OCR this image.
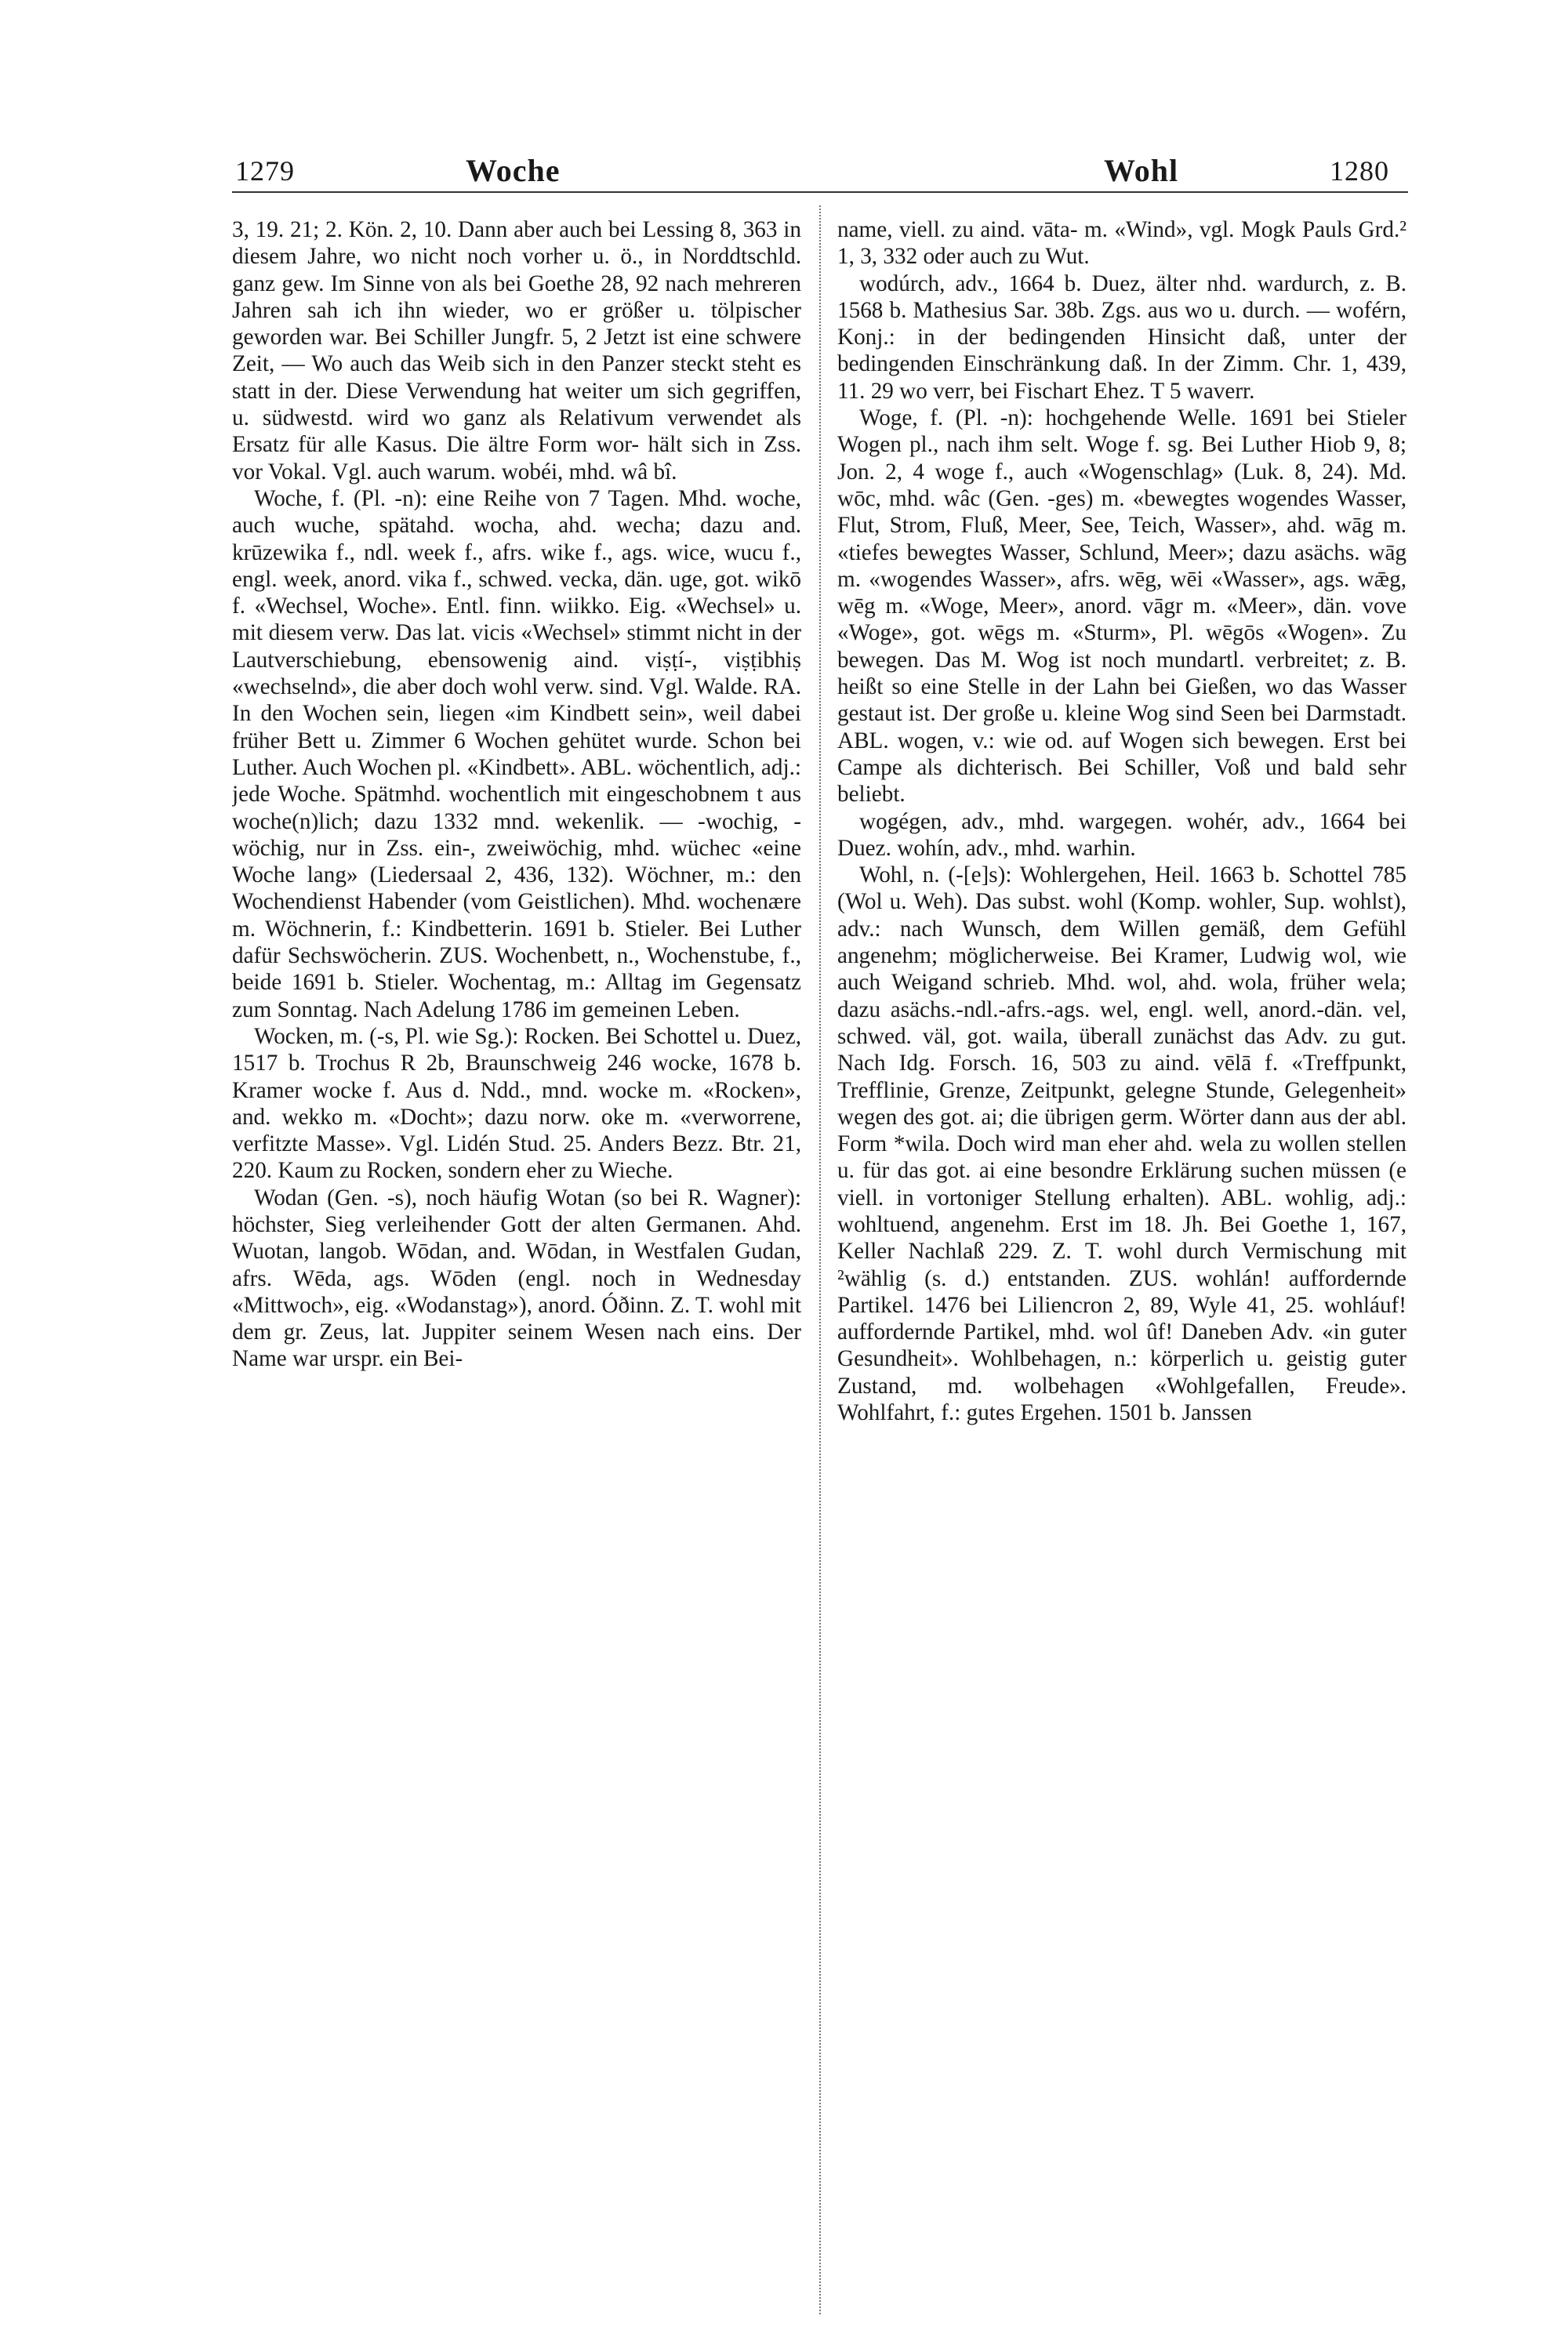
1279	Woche	Wohl	1280

3, 19. 21; 2. Kön. 2, 10. Dann aber auch bei Lessing 8, 363 in diesem Jahre, wo nicht noch vorher u. ö., in Norddtschld. ganz gew. Im Sinne von als bei Goethe 28, 92 nach mehreren Jahren sah ich ihn wieder, wo er größer u. tölpischer geworden war. Bei Schiller Jungfr. 5, 2 Jetzt ist eine schwere Zeit, — Wo auch das Weib sich in den Panzer steckt steht es statt in der. Diese Verwendung hat weiter um sich gegriffen, u. südwestd. wird wo ganz als Relativum verwendet als Ersatz für alle Kasus. Die ältre Form wor- hält sich in Zss. vor Vokal. Vgl. auch warum. wobéi, mhd. wâ bî.

Woche, f. (Pl. -n): eine Reihe von 7 Tagen. Mhd. woche, auch wuche, spätahd. wocha, ahd. wecha; dazu and. krūzewika f., ndl. week f., afrs. wike f., ags. wice, wucu f., engl. week, anord. vika f., schwed. vecka, dän. uge, got. wikō f. «Wechsel, Woche». Entl. finn. wiikko. Eig. «Wechsel» u. mit diesem verw. Das lat. vicis «Wechsel» stimmt nicht in der Lautverschiebung, ebensowenig aind. viṣṭí-, viṣṭibhiṣ «wechselnd», die aber doch wohl verw. sind. Vgl. Walde. RA. In den Wochen sein, liegen «im Kindbett sein», weil dabei früher Bett u. Zimmer 6 Wochen gehütet wurde. Schon bei Luther. Auch Wochen pl. «Kindbett». ABL. wöchentlich, adj.: jede Woche. Spätmhd. wochentlich mit eingeschobnem t aus woche(n)lich; dazu 1332 mnd. wekenlik. — -wochig, -wöchig, nur in Zss. ein-, zweiwöchig, mhd. wüchec «eine Woche lang» (Liedersaal 2, 436, 132). Wöchner, m.: den Wochendienst Habender (vom Geistlichen). Mhd. wochenære m. Wöchnerin, f.: Kindbetterin. 1691 b. Stieler. Bei Luther dafür Sechswöcherin. ZUS. Wochenbett, n., Wochenstube, f., beide 1691 b. Stieler. Wochentag, m.: Alltag im Gegensatz zum Sonntag. Nach Adelung 1786 im gemeinen Leben.

Wocken, m. (-s, Pl. wie Sg.): Rocken. Bei Schottel u. Duez, 1517 b. Trochus R 2b, Braunschweig 246 wocke, 1678 b. Kramer wocke f. Aus d. Ndd., mnd. wocke m. «Rocken», and. wekko m. «Docht»; dazu norw. oke m. «verworrene, verfitzte Masse». Vgl. Lidén Stud. 25. Anders Bezz. Btr. 21, 220. Kaum zu Rocken, sondern eher zu Wieche.

Wodan (Gen. -s), noch häufig Wotan (so bei R. Wagner): höchster, Sieg verleihender Gott der alten Germanen. Ahd. Wuotan, langob. Wōdan, and. Wōdan, in Westfalen Gudan, afrs. Wēda, ags. Wōden (engl. noch in Wednesday «Mittwoch», eig. «Wodanstag»), anord. Óðinn. Z. T. wohl mit dem gr. Zeus, lat. Juppiter seinem Wesen nach eins. Der Name war urspr. ein Bei-

name, viell. zu aind. vāta- m. «Wind», vgl. Mogk Pauls Grd.² 1, 3, 332 oder auch zu Wut.

wodúrch, adv., 1664 b. Duez, älter nhd. wardurch, z. B. 1568 b. Mathesius Sar. 38b. Zgs. aus wo u. durch. — woférn, Konj.: in der bedingenden Hinsicht daß, unter der bedingenden Einschränkung daß. In der Zimm. Chr. 1, 439, 11. 29 wo verr, bei Fischart Ehez. T 5 waverr.

Woge, f. (Pl. -n): hochgehende Welle. 1691 bei Stieler Wogen pl., nach ihm selt. Woge f. sg. Bei Luther Hiob 9, 8; Jon. 2, 4 woge f., auch «Wogenschlag» (Luk. 8, 24). Md. wōc, mhd. wâc (Gen. -ges) m. «bewegtes wogendes Wasser, Flut, Strom, Fluß, Meer, See, Teich, Wasser», ahd. wāg m. «tiefes bewegtes Wasser, Schlund, Meer»; dazu asächs. wāg m. «wogendes Wasser», afrs. wēg, wēi «Wasser», ags. wǣg, wēg m. «Woge, Meer», anord. vāgr m. «Meer», dän. vove «Woge», got. wēgs m. «Sturm», Pl. wēgōs «Wogen». Zu bewegen. Das M. Wog ist noch mundartl. verbreitet; z. B. heißt so eine Stelle in der Lahn bei Gießen, wo das Wasser gestaut ist. Der große u. kleine Wog sind Seen bei Darmstadt. ABL. wogen, v.: wie od. auf Wogen sich bewegen. Erst bei Campe als dichterisch. Bei Schiller, Voß und bald sehr beliebt.

wogégen, adv., mhd. wargegen. wohér, adv., 1664 bei Duez. wohín, adv., mhd. warhin.

Wohl, n. (-[e]s): Wohlergehen, Heil. 1663 b. Schottel 785 (Wol u. Weh). Das subst. wohl (Komp. wohler, Sup. wohlst), adv.: nach Wunsch, dem Willen gemäß, dem Gefühl angenehm; möglicherweise. Bei Kramer, Ludwig wol, wie auch Weigand schrieb. Mhd. wol, ahd. wola, früher wela; dazu asächs.-ndl.-afrs.-ags. wel, engl. well, anord.-dän. vel, schwed. väl, got. waila, überall zunächst das Adv. zu gut. Nach Idg. Forsch. 16, 503 zu aind. vēlā f. «Treffpunkt, Trefflinie, Grenze, Zeitpunkt, gelegne Stunde, Gelegenheit» wegen des got. ai; die übrigen germ. Wörter dann aus der abl. Form *wila. Doch wird man eher ahd. wela zu wollen stellen u. für das got. ai eine besondre Erklärung suchen müssen (e viell. in vortoniger Stellung erhalten). ABL. wohlig, adj.: wohltuend, angenehm. Erst im 18. Jh. Bei Goethe 1, 167, Keller Nachlaß 229. Z. T. wohl durch Vermischung mit ²wählig (s. d.) entstanden. ZUS. wohlán! auffordernde Partikel. 1476 bei Liliencron 2, 89, Wyle 41, 25. wohláuf! auffordernde Partikel, mhd. wol ûf! Daneben Adv. «in guter Gesundheit». Wohlbehagen, n.: körperlich u. geistig guter Zustand, md. wolbehagen «Wohlgefallen, Freude». Wohlfahrt, f.: gutes Ergehen. 1501 b. Janssen
